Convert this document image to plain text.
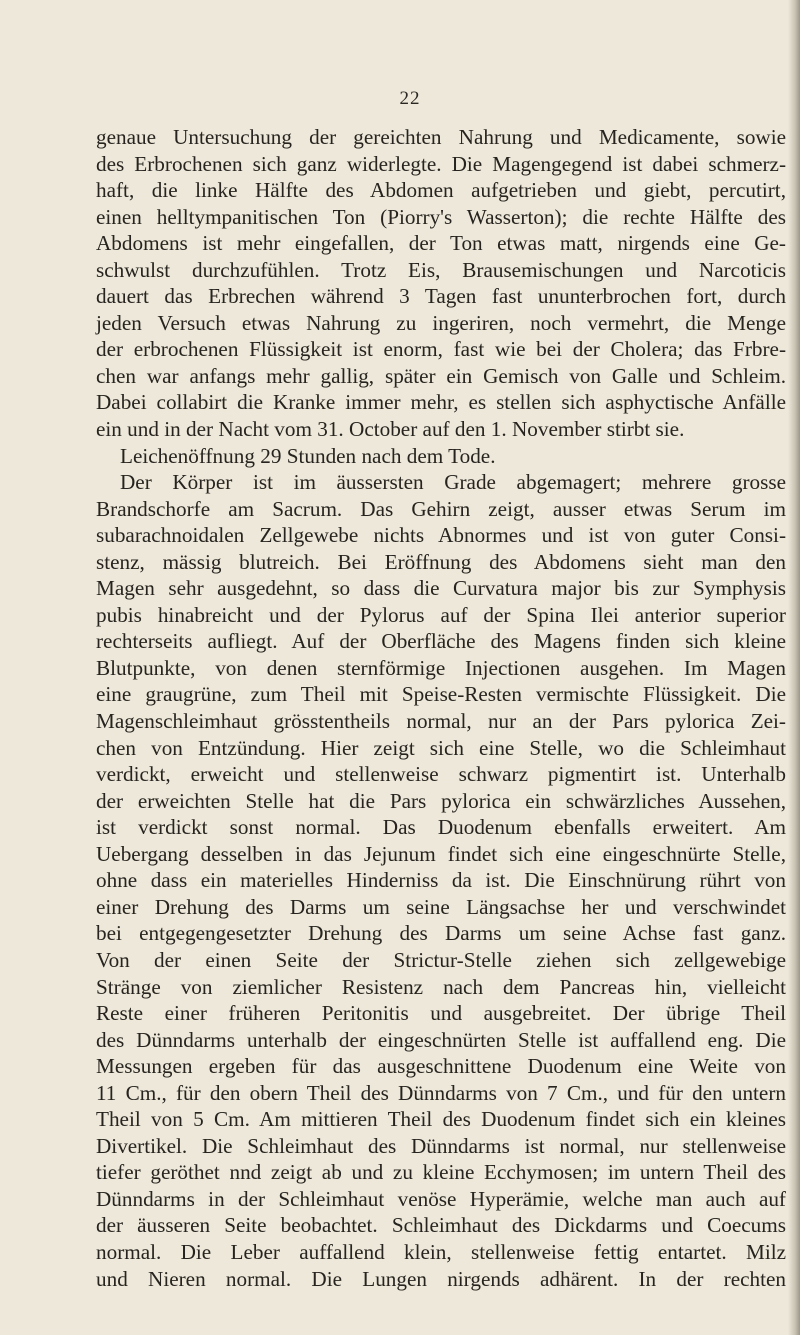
22
genaue Untersuchung der gereichten Nahrung und Medicamente, sowie
des Erbrochenen sich ganz widerlegte. Die Magengegend ist dabei schmerz-
haft, die linke Hälfte des Abdomen aufgetrieben und giebt, percutirt,
einen helltympanitischen Ton (Piorry's Wasserton); die rechte Hälfte des
Abdomens ist mehr eingefallen, der Ton etwas matt, nirgends eine Ge-
schwulst durchzufühlen. Trotz Eis, Brausemischungen und Narcoticis
dauert das Erbrechen während 3 Tagen fast ununterbrochen fort, durch
jeden Versuch etwas Nahrung zu ingeriren, noch vermehrt, die Menge
der erbrochenen Flüssigkeit ist enorm, fast wie bei der Cholera; das Frbre-
chen war anfangs mehr gallig, später ein Gemisch von Galle und Schleim.
Dabei collabirt die Kranke immer mehr, es stellen sich asphyctische Anfälle
ein und in der Nacht vom 31. October auf den 1. November stirbt sie.
Leichenöffnung 29 Stunden nach dem Tode.
Der Körper ist im äussersten Grade abgemagert; mehrere grosse
Brandschorfe am Sacrum. Das Gehirn zeigt, ausser etwas Serum im
subarachnoidalen Zellgewebe nichts Abnormes und ist von guter Consi-
stenz, mässig blutreich. Bei Eröffnung des Abdomens sieht man den
Magen sehr ausgedehnt, so dass die Curvatura major bis zur Symphysis
pubis hinabreicht und der Pylorus auf der Spina Ilei anterior superior
rechterseits aufliegt. Auf der Oberfläche des Magens finden sich kleine
Blutpunkte, von denen sternförmige Injectionen ausgehen. Im Magen
eine graugrüne, zum Theil mit Speise-Resten vermischte Flüssigkeit. Die
Magenschleimhaut grösstentheils normal, nur an der Pars pylorica Zei-
chen von Entzündung. Hier zeigt sich eine Stelle, wo die Schleimhaut
verdickt, erweicht und stellenweise schwarz pigmentirt ist. Unterhalb
der erweichten Stelle hat die Pars pylorica ein schwärzliches Aussehen,
ist verdickt sonst normal. Das Duodenum ebenfalls erweitert. Am
Uebergang desselben in das Jejunum findet sich eine eingeschnürte Stelle,
ohne dass ein materielles Hinderniss da ist. Die Einschnürung rührt von
einer Drehung des Darms um seine Längsachse her und verschwindet
bei entgegengesetzter Drehung des Darms um seine Achse fast ganz.
Von der einen Seite der Strictur-Stelle ziehen sich zellgewebige
Stränge von ziemlicher Resistenz nach dem Pancreas hin, vielleicht
Reste einer früheren Peritonitis und ausgebreitet. Der übrige Theil
des Dünndarms unterhalb der eingeschnürten Stelle ist auffallend eng. Die
Messungen ergeben für das ausgeschnittene Duodenum eine Weite von
11 Cm., für den obern Theil des Dünndarms von 7 Cm., und für den untern
Theil von 5 Cm. Am mittieren Theil des Duodenum findet sich ein kleines
Divertikel. Die Schleimhaut des Dünndarms ist normal, nur stellenweise
tiefer geröthet nnd zeigt ab und zu kleine Ecchymosen; im untern Theil des
Dünndarms in der Schleimhaut venöse Hyperämie, welche man auch auf
der äusseren Seite beobachtet. Schleimhaut des Dickdarms und Coecums
normal. Die Leber auffallend klein, stellenweise fettig entartet. Milz
und Nieren normal. Die Lungen nirgends adhärent. In der rechten
